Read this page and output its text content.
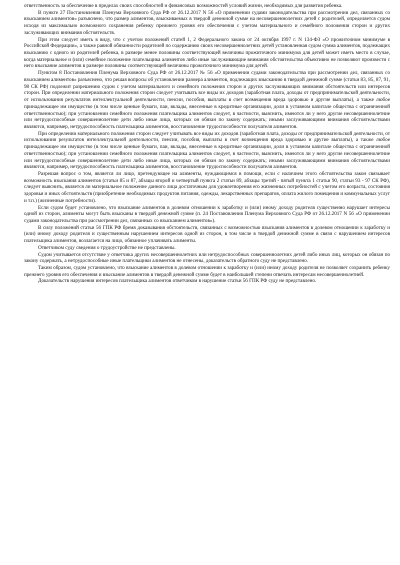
ответственность за обеспечение в пределах своих способностей и финансовых возможностей условий жизни, необходимых для развития ребенка.

В пункте 27 Постановления Пленума Верховного Суда РФ от 26.12.2017 N 56 «О применении судами законодательства при рассмотрении дел, связанных со взысканием алиментов» разъяснено, что размер алиментов, взыскиваемых в твердой денежной сумме на несовершеннолетних детей с родителей, определяется судом исходя из максимально возможного сохранения ребенку прежнего уровня его обеспечения с учетом материального и семейного положения сторон и других заслуживающих внимания обстоятельств.

При этом следует иметь в виду, что с учетом положений статей 1, 2 Федерального закона от 24 октября 1997 г. N 134-ФЗ «О прожиточном минимуме в Российской Федерации», а также равной обязанности родителей по содержанию своих несовершеннолетних детей установленная судом сумма алиментов, подлежащих взысканию с одного из родителей ребенка, в размере менее половины соответствующей величины прожиточного минимума для детей может иметь место в случае, когда материальное и (или) семейное положение плательщика алиментов либо иные заслуживающие внимания обстоятельства объективно не позволяют произвести с него взыскание алиментов в размере половины соответствующей величины прожиточного минимума для детей.

Пунктом 8 Постановления Пленума Верховного Суда РФ от 26.12.2017 № 56 «О применении судами законодательства при рассмотрении дел, связанных со взысканием алиментов» разъяснено, что решая вопросы об установлении размера алиментов, подлежащих взысканию в твердой денежной сумме (статьи 83, 85, 87, 91, 98 СК РФ) подлежит разрешению судом с учетом материального и семейного положения сторон и других заслуживающих внимания обстоятельств или интересов сторон. При определении материального положения сторон следует учитывать все виды их доходов (заработная плата, доходы от предпринимательской деятельности, от использования результатов интеллектуальной деятельности, пенсии, пособия, выплаты в счет возмещения вреда здоровью и другие выплаты), а также любое принадлежащее им имущество (в том числе ценные бумаги, паи, вклады, внесенные в кредитные организации, доли в уставном капитале общества с ограниченной ответственностью); при установлении семейного положения плательщика алиментов следует, в частности, выяснить, имеются ли у него другие несовершеннолетние или нетрудоспособные совершеннолетние дети либо иные лица, которых он обязан по закону содержать; иными заслуживающими внимания обстоятельствами являются, например, нетрудоспособность плательщика алиментов, восстановление трудоспособности получателя алиментов.

При определении материального положения сторон следует учитывать все виды их доходов (заработная плата, доходы от предпринимательской деятельности, от использования результатов интеллектуальной деятельности, пенсии, пособия, выплаты в счет возмещения вреда здоровью и другие выплаты), а также любое принадлежащее им имущество (в том числе ценные бумаги, паи, вклады, внесенные в кредитные организации, доли в уставном капитале общества с ограниченной ответственностью); при установлении семейного положения плательщика алиментов следует, в частности, выяснить, имеются ли у него другие несовершеннолетние или нетрудоспособные совершеннолетние дети либо иные лица, которых он обязан по закону содержать; иными заслуживающими внимания обстоятельствами являются, например, нетрудоспособность плательщика алиментов, восстановление трудоспособности получателя алиментов.

Разрешая вопрос о том, является ли лицо, претендующее на алименты, нуждающимся в помощи, если с наличием этого обстоятельства закон связывает возможность взыскания алиментов (статьи 85 и 87, абзацы второй и четвертый пункта 2 статьи 89, абзацы третий - пятый пункта 1 статьи 90, статьи 93 - 97 СК РФ), следует выяснить, является ли материальное положение данного лица достаточным для удовлетворения его жизненных потребностей с учетом его возраста, состояния здоровья и иных обстоятельств (приобретение необходимых продуктов питания, одежды, лекарственных препаратов, оплата жилого помещения и коммунальных услуг и т.п.) (жизненные потребности).

Если судом будет установлено, что взыскание алиментов в долевом отношении к заработку и (или) иному доходу родителя существенно нарушает интересы одной из сторон, алименты могут быть взысканы в твердой денежной сумме (п. 24 Постановления Пленума Верховного Суда РФ от 26.12.2017 N 56 «О применении судами законодательства при рассмотрении дел, связанных со взысканием алиментов»).

В силу положений статьи 56 ГПК РФ бремя доказывания обстоятельств, связанных с возможностью взыскания алиментов в долевом отношении к заработку и (или) иному доходу родителя и существенным нарушением интересов одной из сторон, в том числе в твердой денежной сумме в связи с нарушением интересов плательщика алиментов, возлагается на лицо, обязанное уплачивать алименты.

Ответчиком суду сведения о трудоустройстве не представлены.

Судом учитывается отсутствие у ответчика других несовершеннолетних или нетрудоспособных совершеннолетних детей либо иных лиц, которых он обязан по закону содержать, а нетрудоспособные иные плательщики алиментов не отнесены, доказательств обратного суду не представлено.

Таким образом, судом установлено, что взыскание алиментов в долевом отношении к заработку и (или) иному доходу родителя не позволяет сохранить ребенку прежнего уровня его обеспечения и взыскание алиментов в твердой денежной сумме будет в наибольшей степени отвечать интересам несовершеннолетней.

Доказательств нарушения интересов плательщика алиментов ответчиком в нарушение статьи 56 ГПК РФ суду не представлено.
